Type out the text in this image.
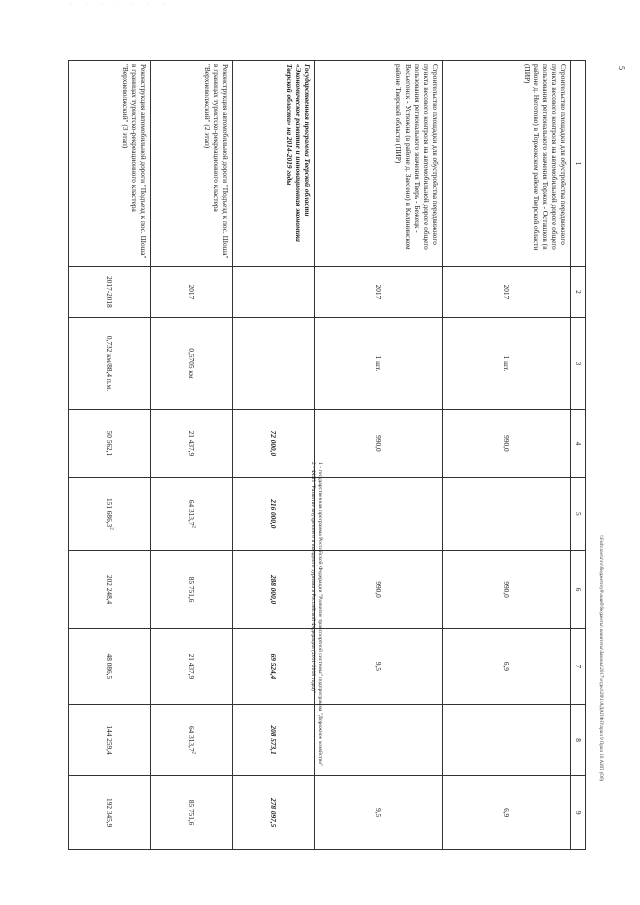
· · · · · · ·
5
1	2	3	4	5	6	7	8	9
Строительство площадки для обустройства передвижного пункта весового контроля на автомобильной дороге общего пользования регионального значения Торжок - Осташков (в районе д. Неготово) в Торжокском районе Тверской области (ПИР)	2017	1 шт.	990,0		990,0	6,9		6,9
Строительство площадки для обустройства передвижного пункта весового контроля на автомобильной дороге общего пользования регионального значения Тверь - Бежецк - Весьегонск - Устюжна (в районе д. Заесено) в Калининском районе Тверской области (ПИР)	2017	1 шт.	990,0		990,0	9,5		9,5
Государственная программа Тверской области «Экономическое развитие и инновационная экономика Тверской области» на 2014-2019 годы			72 000,0	216 000,0	288 000,0	69 524,4	208 573,1	278 097,5
Реконструкция автомобильной дороги "Подъезд к пос. Шоша" в границах туристско-рекреационного кластера "Верхневолжский" (2 этап)	2017	0,5705 км	21 437,9	64 313,7$^2$	85 751,6	21 437,9	64 313,7$^2$	85 751,6
Реконструкция автомобильной дороги "Подъезд к пос. Шоша" в границах туристско-рекреационного кластера "Верхневолжский" (3 этап)	2017-2018	0,732 км/88,4 п.м.	50 562,1	151 686,3$^2$	202 248,4	48 086,5	144 259,4	192 345,9
1 - государственная программа Российской Федерации "Развитие транспортной системы" подпрограмма "Дорожное хозяйство"
2 - ФЦП "Развитие внутреннего и въездного туризма в Российской Федерации (2011-2018 годы)"	\\Fsd\газета\то\бюджетн\уб\ошиб\бюджеты\ комитеты\Законы\2017\отдел\28\1\АДАПФП\прил 9 Прил 16 АИП (Об)
